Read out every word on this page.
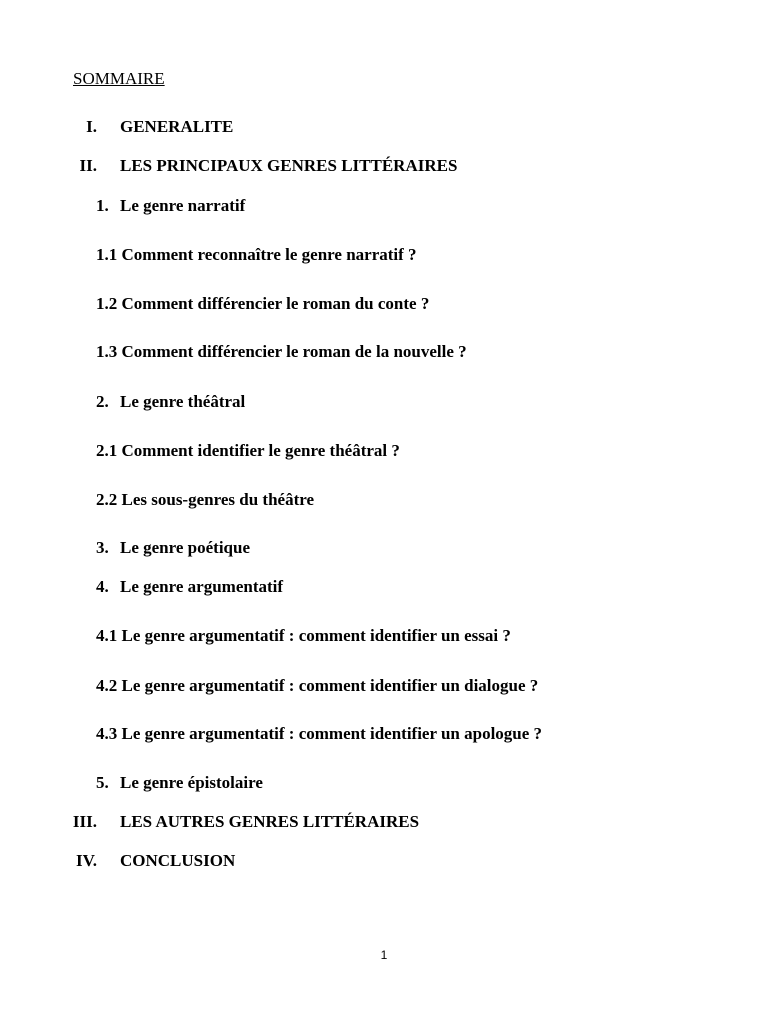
SOMMAIRE
I. GENERALITE
II. LES PRINCIPAUX GENRES LITTÉRAIRES
1. Le genre narratif
1.1 Comment reconnaître le genre narratif ?
1.2 Comment différencier le roman du conte ?
1.3 Comment différencier le roman de la nouvelle ?
2. Le genre théâtral
2.1 Comment identifier le genre théâtral ?
2.2 Les sous-genres du théâtre
3. Le genre poétique
4. Le genre argumentatif
4.1 Le genre argumentatif : comment identifier un essai ?
4.2 Le genre argumentatif : comment identifier un dialogue ?
4.3 Le genre argumentatif : comment identifier un apologue ?
5. Le genre épistolaire
III. LES AUTRES GENRES LITTÉRAIRES
IV. CONCLUSION
1
